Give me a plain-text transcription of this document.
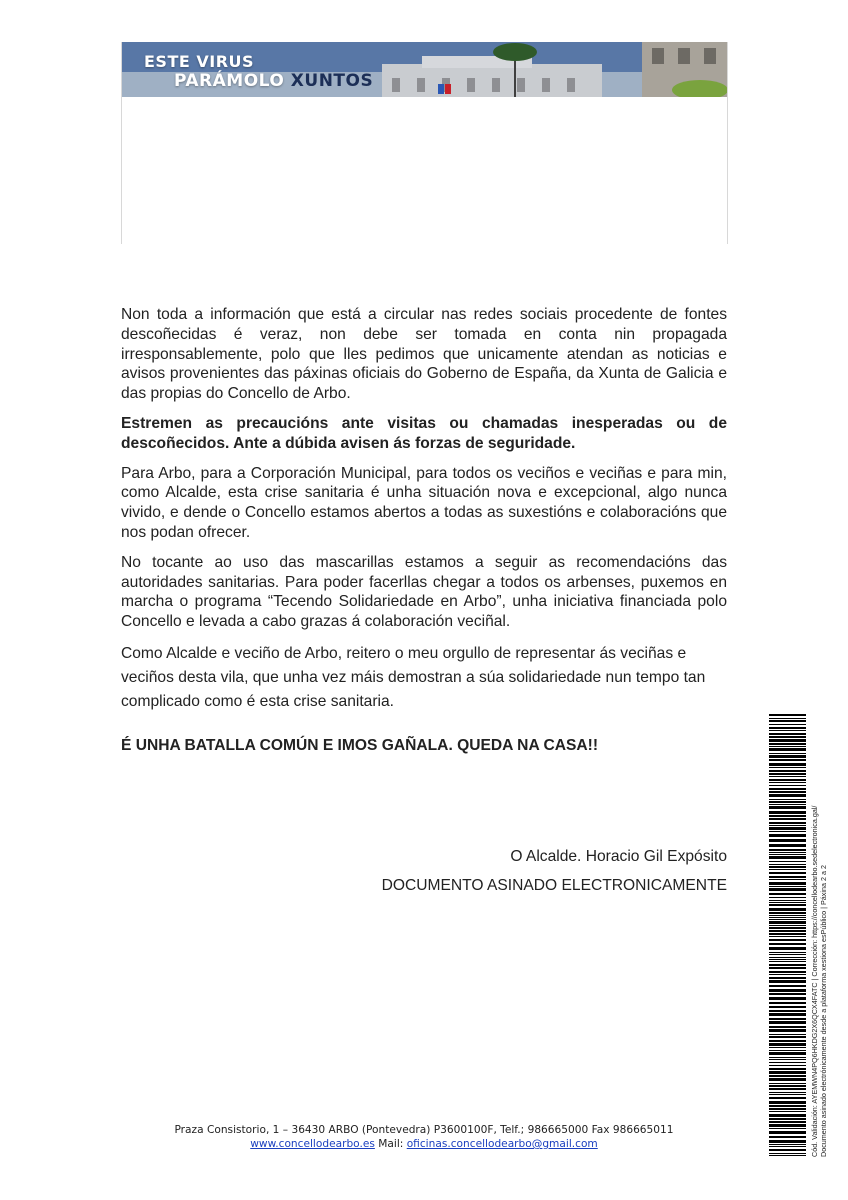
ESTE VIRUS
PARÁMOLO XUNTOS

Non toda a información que está a circular nas redes sociais procedente de fontes descoñecidas é veraz, non debe ser tomada en conta nin propagada irresponsablemente, polo que lles pedimos que unicamente atendan as noticias e avisos provenientes das páxinas oficiais do Goberno de España, da Xunta de Galicia e das propias do Concello de Arbo.

Estremen as precaucións ante visitas ou chamadas inesperadas ou de descoñecidos. Ante a dúbida avisen ás forzas de seguridade.

Para Arbo, para a Corporación Municipal, para todos os veciños e veciñas e para min, como Alcalde, esta crise sanitaria é unha situación nova e excepcional, algo nunca vivido, e dende o Concello estamos abertos a todas as suxestións e colaboracións que nos podan ofrecer.

No tocante ao uso das mascarillas estamos a seguir as recomendacións das autoridades sanitarias. Para poder facerllas chegar a todos os arbenses, puxemos en marcha o programa “Tecendo Solidariedade en Arbo”, unha iniciativa financiada polo Concello e levada a cabo grazas á colaboración veciñal.

Como Alcalde e veciño de Arbo, reitero o meu orgullo de representar ás veciñas e veciños desta vila, que unha vez máis demostran a súa solidariedade nun tempo tan complicado como é esta crise sanitaria.

É UNHA BATALLA COMÚN E IMOS GAÑALA. QUEDA NA CASA!!

O Alcalde. Horacio Gil Expósito
DOCUMENTO ASINADO ELECTRONICAMENTE
Praza Consistorio, 1 – 36430 ARBO (Pontevedra) P3600100F, Telf.; 986665000 Fax 986665011
www.concellodearbo.es Mail: oficinas.concellodearbo@gmail.com	Cód. Validación: AYEMWN4PQ6HKDG2X6QCX4FATC | Corrección: https://concellodearbo.sedelectronica.gal/ Documento asinado electrónicamente desde a plataforma xestiona esPúblico | Páxina 2 a 2
